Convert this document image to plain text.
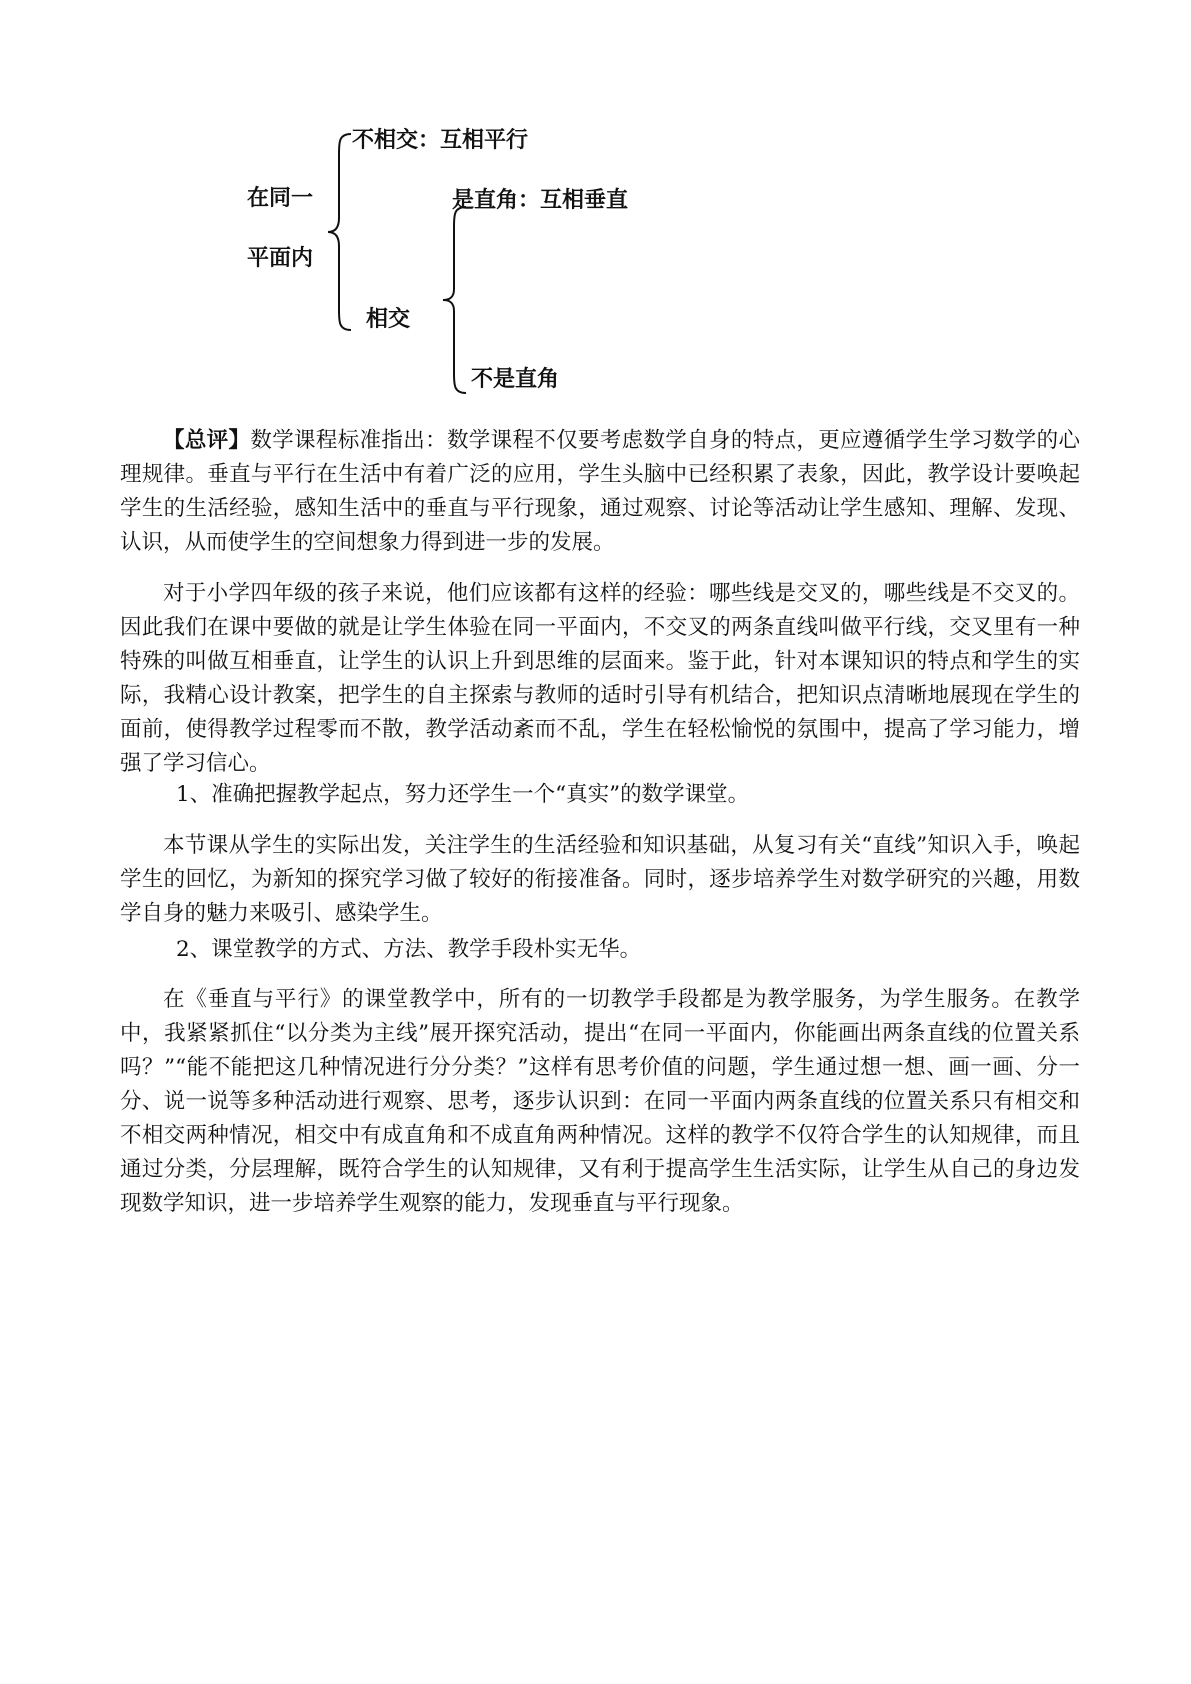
在同一
平面内
不相交：互相平行
相交
是直角：互相垂直
不是直角

【总评】数学课程标准指出：数学课程不仅要考虑数学自身的特点，更应遵循学生学习数学的心理规律。垂直与平行在生活中有着广泛的应用，学生头脑中已经积累了表象，因此，教学设计要唤起学生的生活经验，感知生活中的垂直与平行现象，通过观察、讨论等活动让学生感知、理解、发现、认识，从而使学生的空间想象力得到进一步的发展。

对于小学四年级的孩子来说，他们应该都有这样的经验：哪些线是交叉的，哪些线是不交叉的。因此我们在课中要做的就是让学生体验在同一平面内，不交叉的两条直线叫做平行线，交叉里有一种特殊的叫做互相垂直，让学生的认识上升到思维的层面来。鉴于此，针对本课知识的特点和学生的实际，我精心设计教案，把学生的自主探索与教师的适时引导有机结合，把知识点清晰地展现在学生的面前，使得教学过程零而不散，教学活动紊而不乱，学生在轻松愉悦的氛围中，提高了学习能力，增强了学习信心。

1、准确把握教学起点，努力还学生一个“真实”的数学课堂。

本节课从学生的实际出发，关注学生的生活经验和知识基础，从复习有关“直线”知识入手，唤起学生的回忆，为新知的探究学习做了较好的衔接准备。同时，逐步培养学生对数学研究的兴趣，用数学自身的魅力来吸引、感染学生。

2、课堂教学的方式、方法、教学手段朴实无华。

在《垂直与平行》的课堂教学中，所有的一切教学手段都是为教学服务，为学生服务。在教学中，我紧紧抓住“以分类为主线”展开探究活动，提出“在同一平面内，你能画出两条直线的位置关系吗？”“能不能把这几种情况进行分分类？”这样有思考价值的问题，学生通过想一想、画一画、分一分、说一说等多种活动进行观察、思考，逐步认识到：在同一平面内两条直线的位置关系只有相交和不相交两种情况，相交中有成直角和不成直角两种情况。这样的教学不仅符合学生的认知规律，而且通过分类，分层理解，既符合学生的认知规律，又有利于提高学生生活实际，让学生从自己的身边发现数学知识，进一步培养学生观察的能力，发现垂直与平行现象。
